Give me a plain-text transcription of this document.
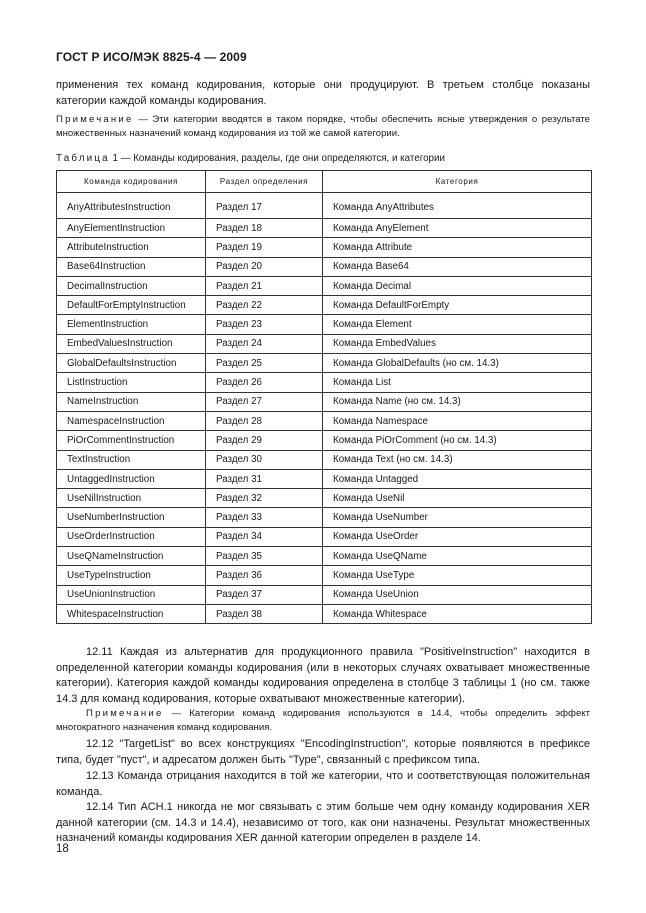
ГОСТ Р ИСО/МЭК 8825-4 — 2009

применения тех команд кодирования, которые они продуцируют. В третьем столбце показаны категории каждой команды кодирования.

Примечание — Эти категории вводятся в таком порядке, чтобы обеспечить ясные утверждения о результате множественных назначений команд кодирования из той же самой категории.

Таблица 1 — Команды кодирования, разделы, где они определяются, и категории
Команда кодирования	Раздел определения	Категория
AnyAttributesInstruction	Раздел 17	Команда AnyAttributes
AnyElementInstruction	Раздел 18	Команда AnyElement
AttributeInstruction	Раздел 19	Команда Attribute
Base64Instruction	Раздел 20	Команда Base64
DecimalInstruction	Раздел 21	Команда Decimal
DefaultForEmptyInstruction	Раздел 22	Команда DefaultForEmpty
ElementInstruction	Раздел 23	Команда Element
EmbedValuesInstruction	Раздел 24	Команда EmbedValues
GlobalDefaultsInstruction	Раздел 25	Команда GlobalDefaults (но см. 14.3)
ListInstruction	Раздел 26	Команда List
NameInstruction	Раздел 27	Команда Name (но см. 14.3)
NamespaceInstruction	Раздел 28	Команда Namespace
PiOrCommentInstruction	Раздел 29	Команда PiOrComment (но см. 14.3)
TextInstruction	Раздел 30	Команда Text (но см. 14.3)
UntaggedInstruction	Раздел 31	Команда Untagged
UseNilInstruction	Раздел 32	Команда UseNil
UseNumberInstruction	Раздел 33	Команда UseNumber
UseOrderInstruction	Раздел 34	Команда UseOrder
UseQNameInstruction	Раздел 35	Команда UseQName
UseTypeInstruction	Раздел 36	Команда UseType
UseUnionInstruction	Раздел 37	Команда UseUnion
WhitespaceInstruction	Раздел 38	Команда Whitespace

12.11 Каждая из альтернатив для продукционного правила "PositiveInstruction" находится в определенной категории команды кодирования (или в некоторых случаях охватывает множественные категории). Категория каждой команды кодирования определена в столбце 3 таблицы 1 (но см. также 14.3 для команд кодирования, которые охватывают множественные категории).

Примечание — Категории команд кодирования используются в 14.4, чтобы определить эффект многократного назначения команд кодирования.

12.12 "TargetList" во всех конструкциях "EncodingInstruction", которые появляются в префиксе типа, будет "пуст", и адресатом должен быть "Type", связанный с префиксом типа.

12.13 Команда отрицания находится в той же категории, что и соответствующая положительная команда.

12.14 Тип АСН.1 никогда не мог связывать с этим больше чем одну команду кодирования XER данной категории (см. 14.3 и 14.4), независимо от того, как они назначены. Результат множественных назначений команды кодирования XER данной категории определен в разделе 14.

18
